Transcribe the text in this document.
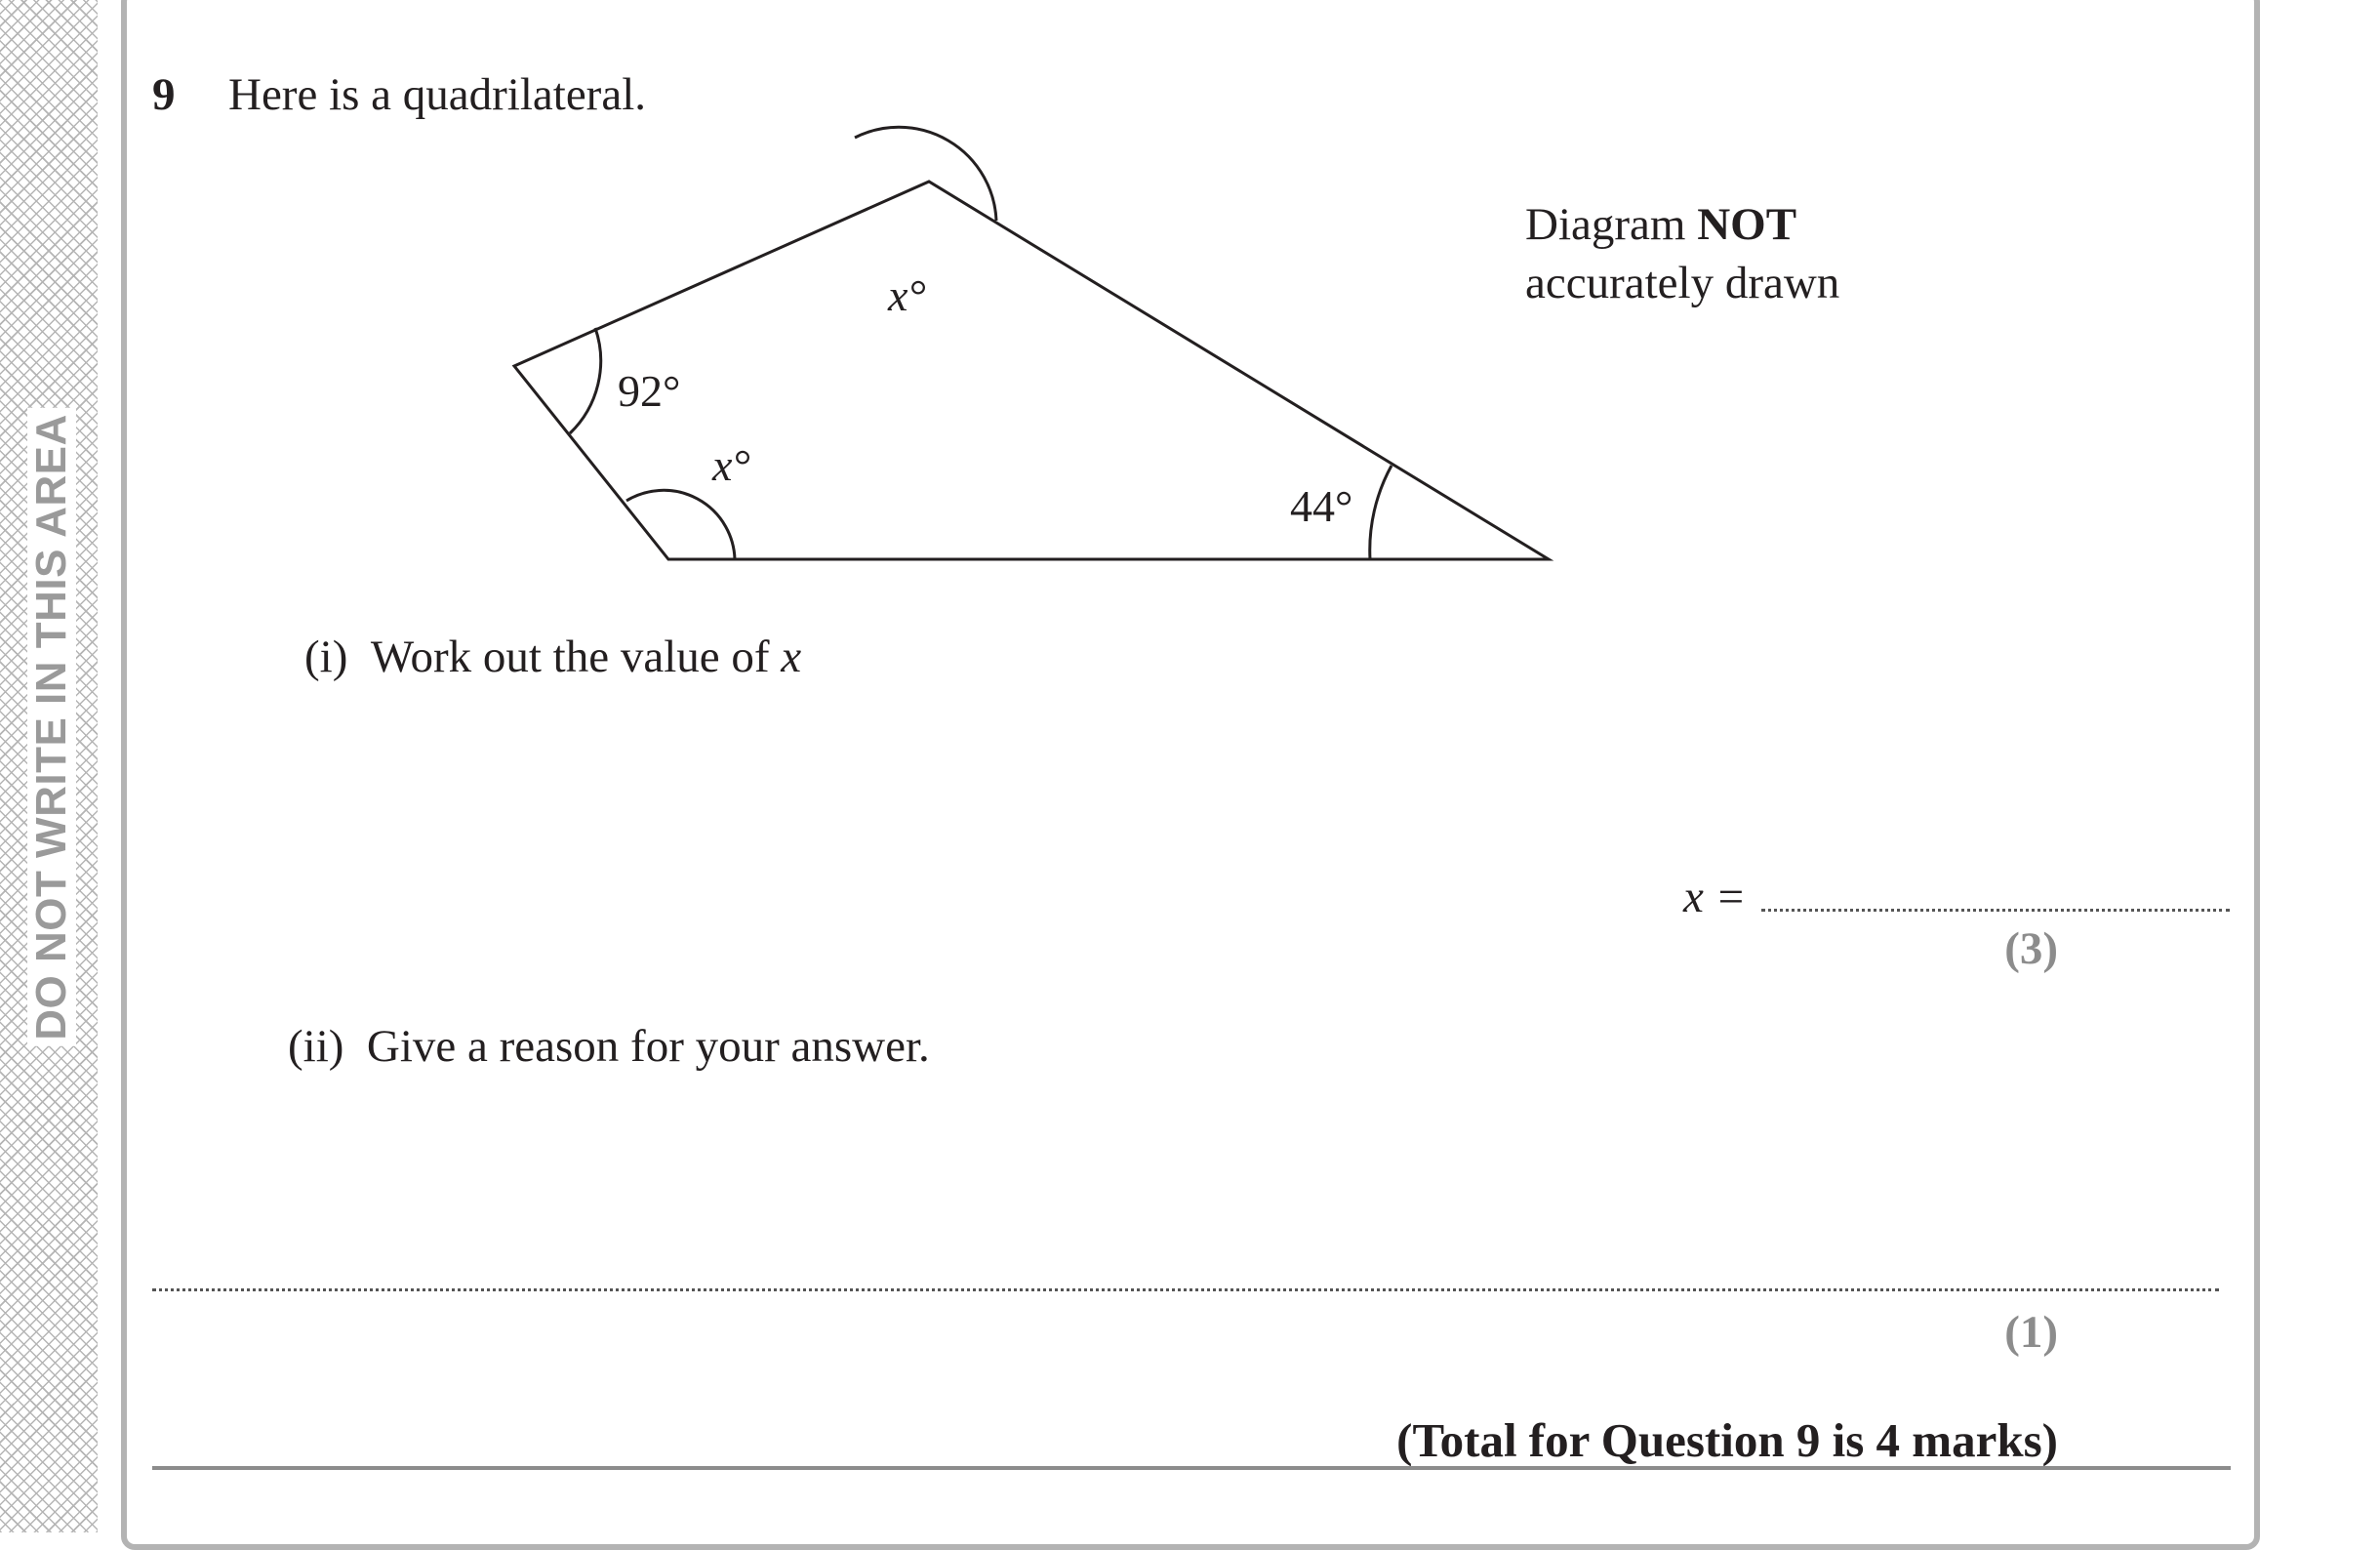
DO NOT WRITE IN THIS AREA
9 Here is a quadrilateral.
x°
92°
x°
44°
Diagram NOT
accurately drawn
(i) Work out the value of x
x =
(3)
(ii) Give a reason for your answer.
(1)
(Total for Question 9 is 4 marks)
